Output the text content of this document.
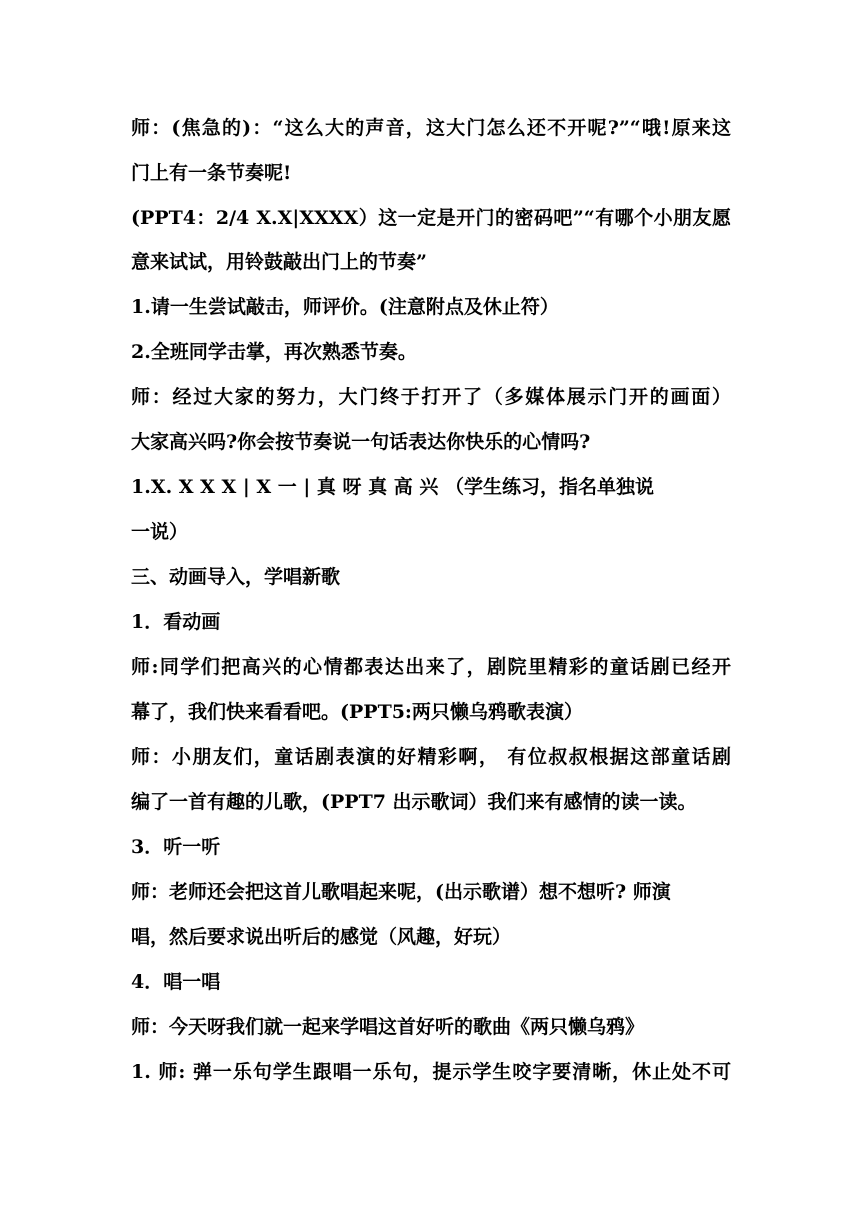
师：(焦急的)：“这么大的声音，这大门怎么还不开呢?”“哦!原来这
门上有一条节奏呢!
(PPT4：2/4 X.X|XXXX）这一定是开门的密码吧”“有哪个小朋友愿
意来试试，用铃鼓敲出门上的节奏”
1.请一生尝试敲击，师评价。(注意附点及休止符）
2.全班同学击掌，再次熟悉节奏。
师：经过大家的努力，大门终于打开了（多媒体展示门开的画面）
大家高兴吗?你会按节奏说一句话表达你快乐的心情吗?
1.X. X X X | X 一 | 真 呀 真 高 兴 （学生练习，指名单独说
一说）
三、动画导入，学唱新歌
1．看动画
师:同学们把高兴的心情都表达出来了，剧院里精彩的童话剧已经开
幕了，我们快来看看吧。(PPT5:两只懒乌鸦歌表演）
师：小朋友们，童话剧表演的好精彩啊， 有位叔叔根据这部童话剧
编了一首有趣的儿歌，(PPT7 出示歌词）我们来有感情的读一读。
3．听一听
师：老师还会把这首儿歌唱起来呢，(出示歌谱）想不想听? 师演
唱，然后要求说出听后的感觉（风趣，好玩）
4．唱一唱
师：今天呀我们就一起来学唱这首好听的歌曲《两只懒乌鸦》
1. 师: 弹一乐句学生跟唱一乐句，提示学生咬字要清晰，休止处不可
